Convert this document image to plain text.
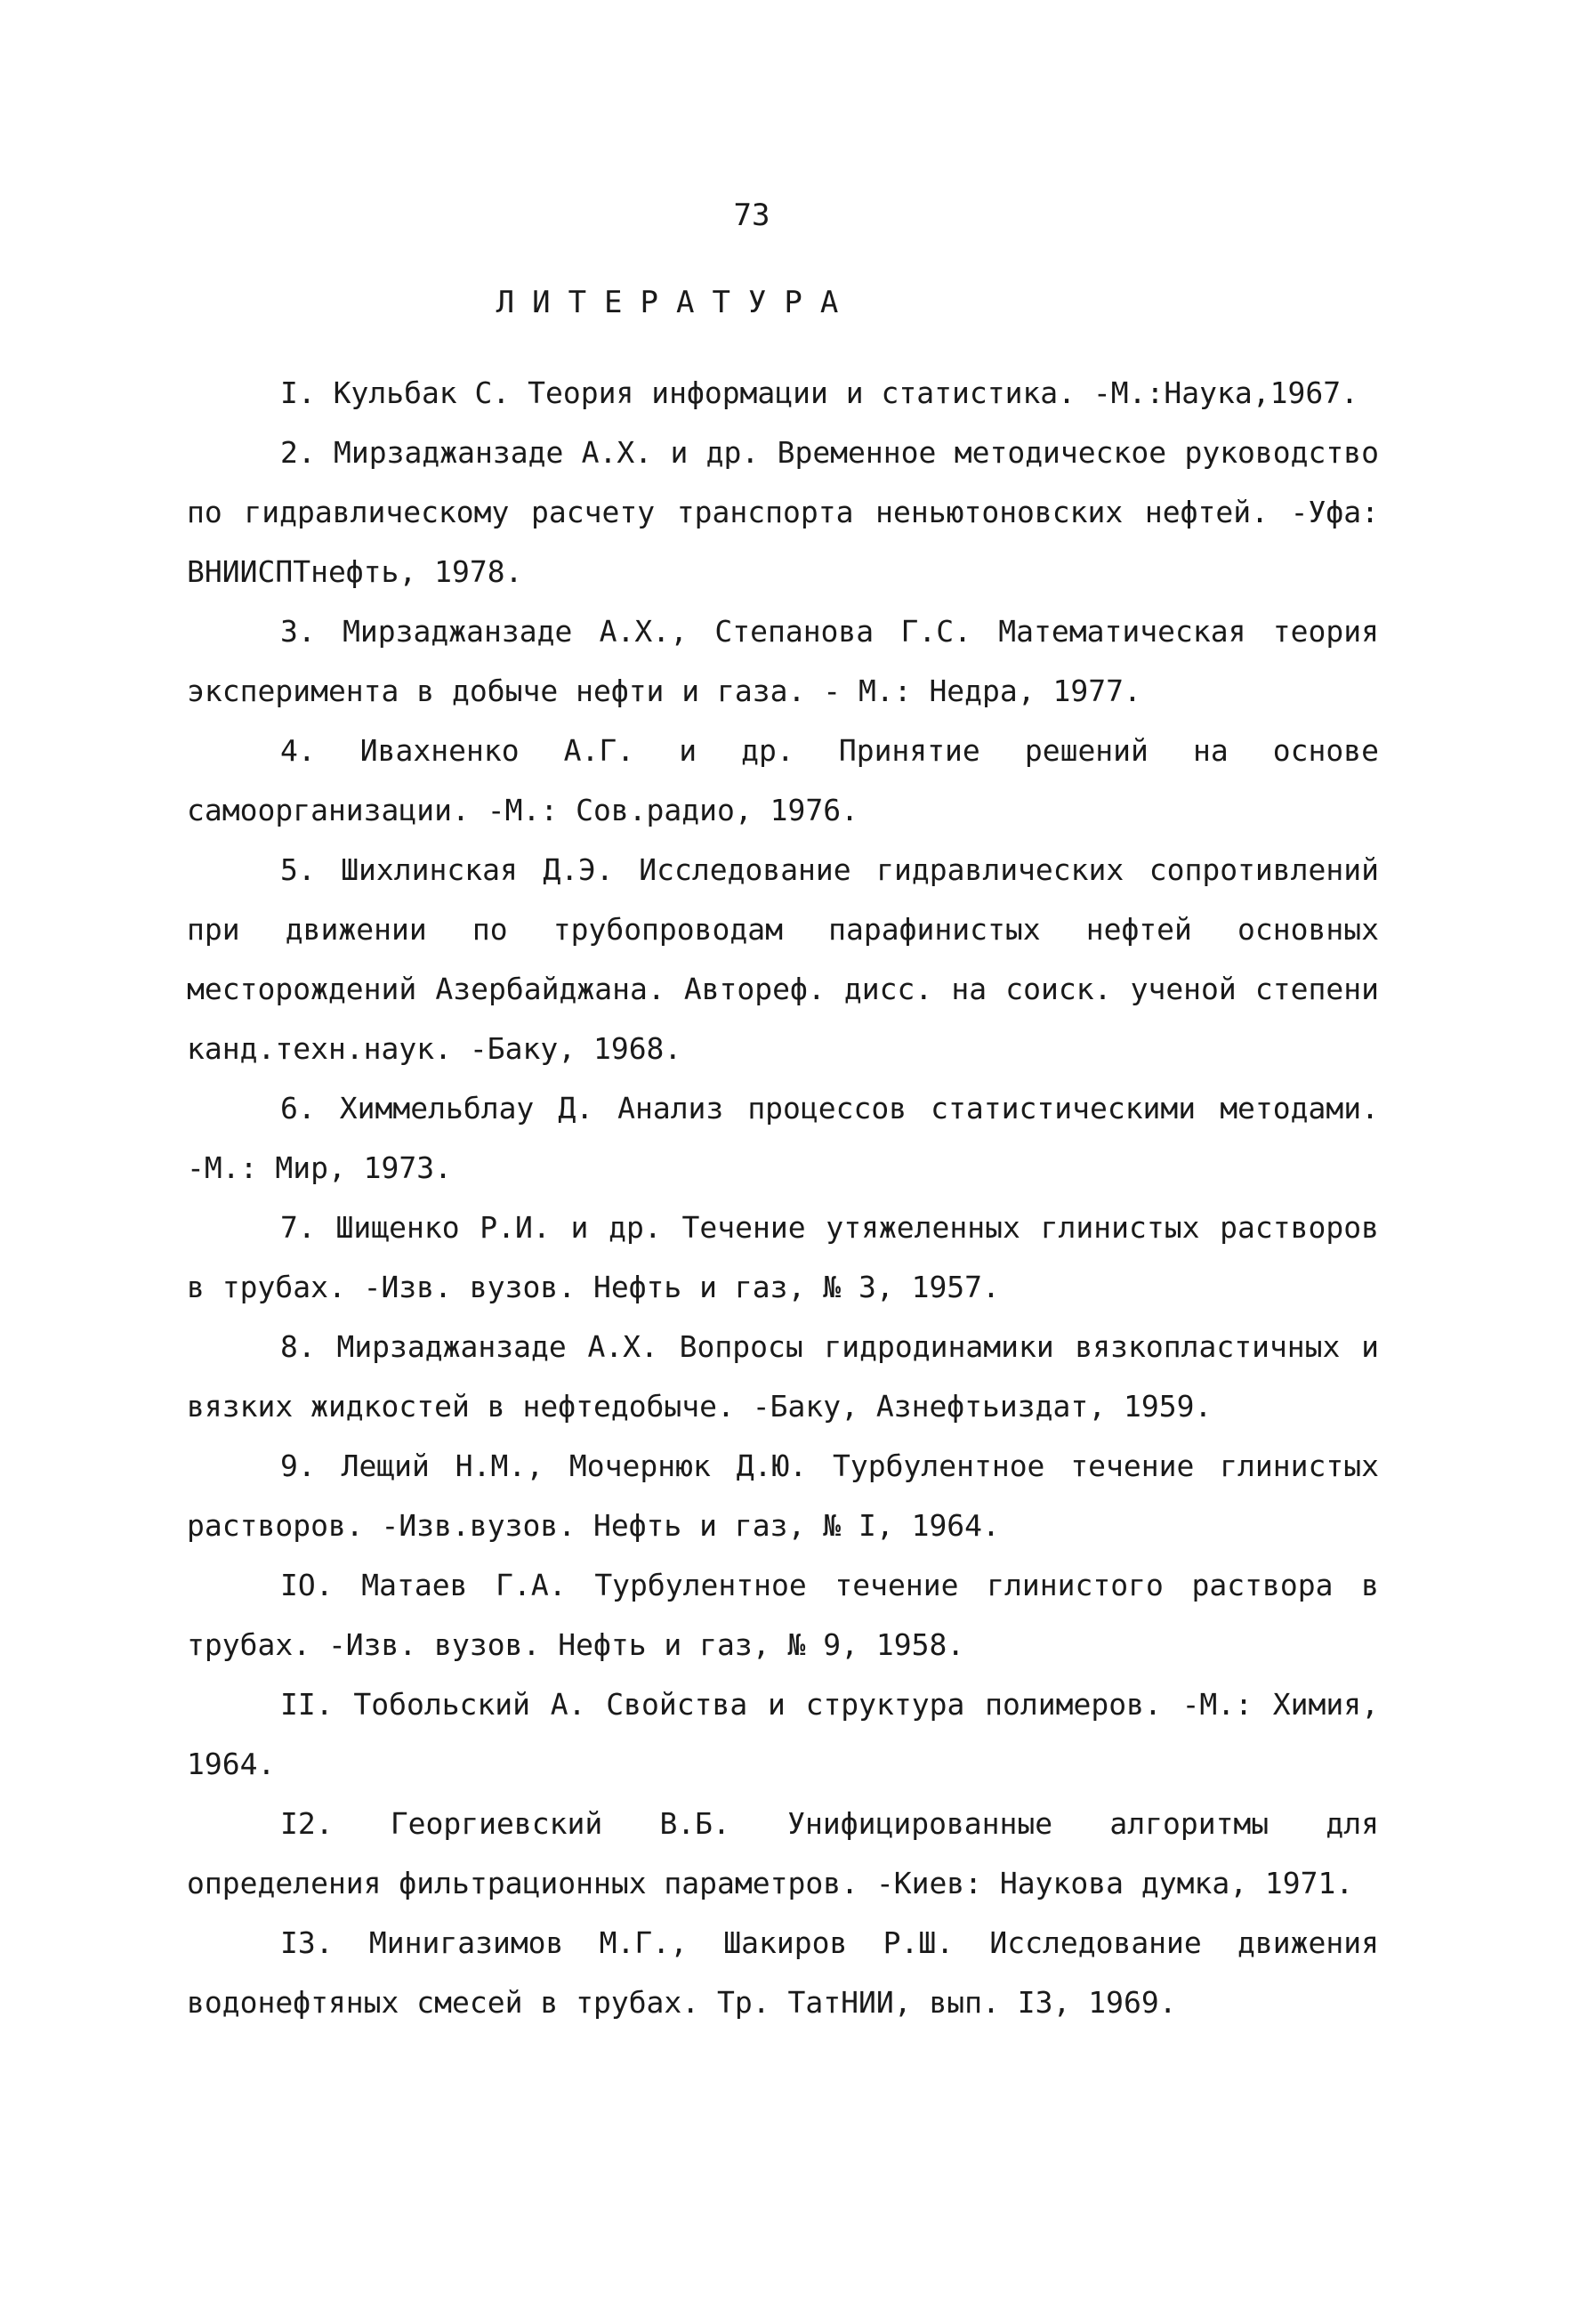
73
ЛИТЕРАТУРА

I. Кульбак С. Теория информации и статистика. -М.:Наука,1967.

2. Мирзаджанзаде А.Х. и др. Временное методическое руководство по гидравлическому расчету транспорта неньютоновских нефтей. -Уфа: ВНИИСПТнефть, 1978.

3. Мирзаджанзаде А.Х., Степанова Г.С. Математическая теория эксперимента в добыче нефти и газа. - М.: Недра, 1977.

4. Ивахненко А.Г. и др. Принятие решений на основе самоорганизации. -М.: Сов.радио, 1976.

5. Шихлинская Д.Э. Исследование гидравлических сопротивлений при движении по трубопроводам парафинистых нефтей основных месторождений Азербайджана. Автореф. дисс. на соиск. ученой степени канд.техн.наук. -Баку, 1968.

6. Химмельблау Д. Анализ процессов статистическими методами. -М.: Мир, 1973.

7. Шищенко Р.И. и др. Течение утяжеленных глинистых растворов в трубах. -Изв. вузов. Нефть и газ, № 3, 1957.

8. Мирзаджанзаде А.Х. Вопросы гидродинамики вязкопластичных и вязких жидкостей в нефтедобыче. -Баку, Азнефтьиздат, 1959.

9. Лещий Н.М., Мочернюк Д.Ю. Турбулентное течение глинистых растворов. -Изв.вузов. Нефть и газ, № I, 1964.

IO. Матаев Г.А. Турбулентное течение глинистого раствора в трубах. -Изв. вузов. Нефть и газ, № 9, 1958.

II. Тобольский А. Свойства и структура полимеров. -М.: Химия, 1964.

I2. Георгиевский В.Б. Унифицированные алгоритмы для определения фильтрационных параметров. -Киев: Наукова думка, 1971.

I3. Минигазимов М.Г., Шакиров Р.Ш. Исследование движения водонефтяных смесей в трубах. Тр. ТатНИИ, вып. I3, 1969.
